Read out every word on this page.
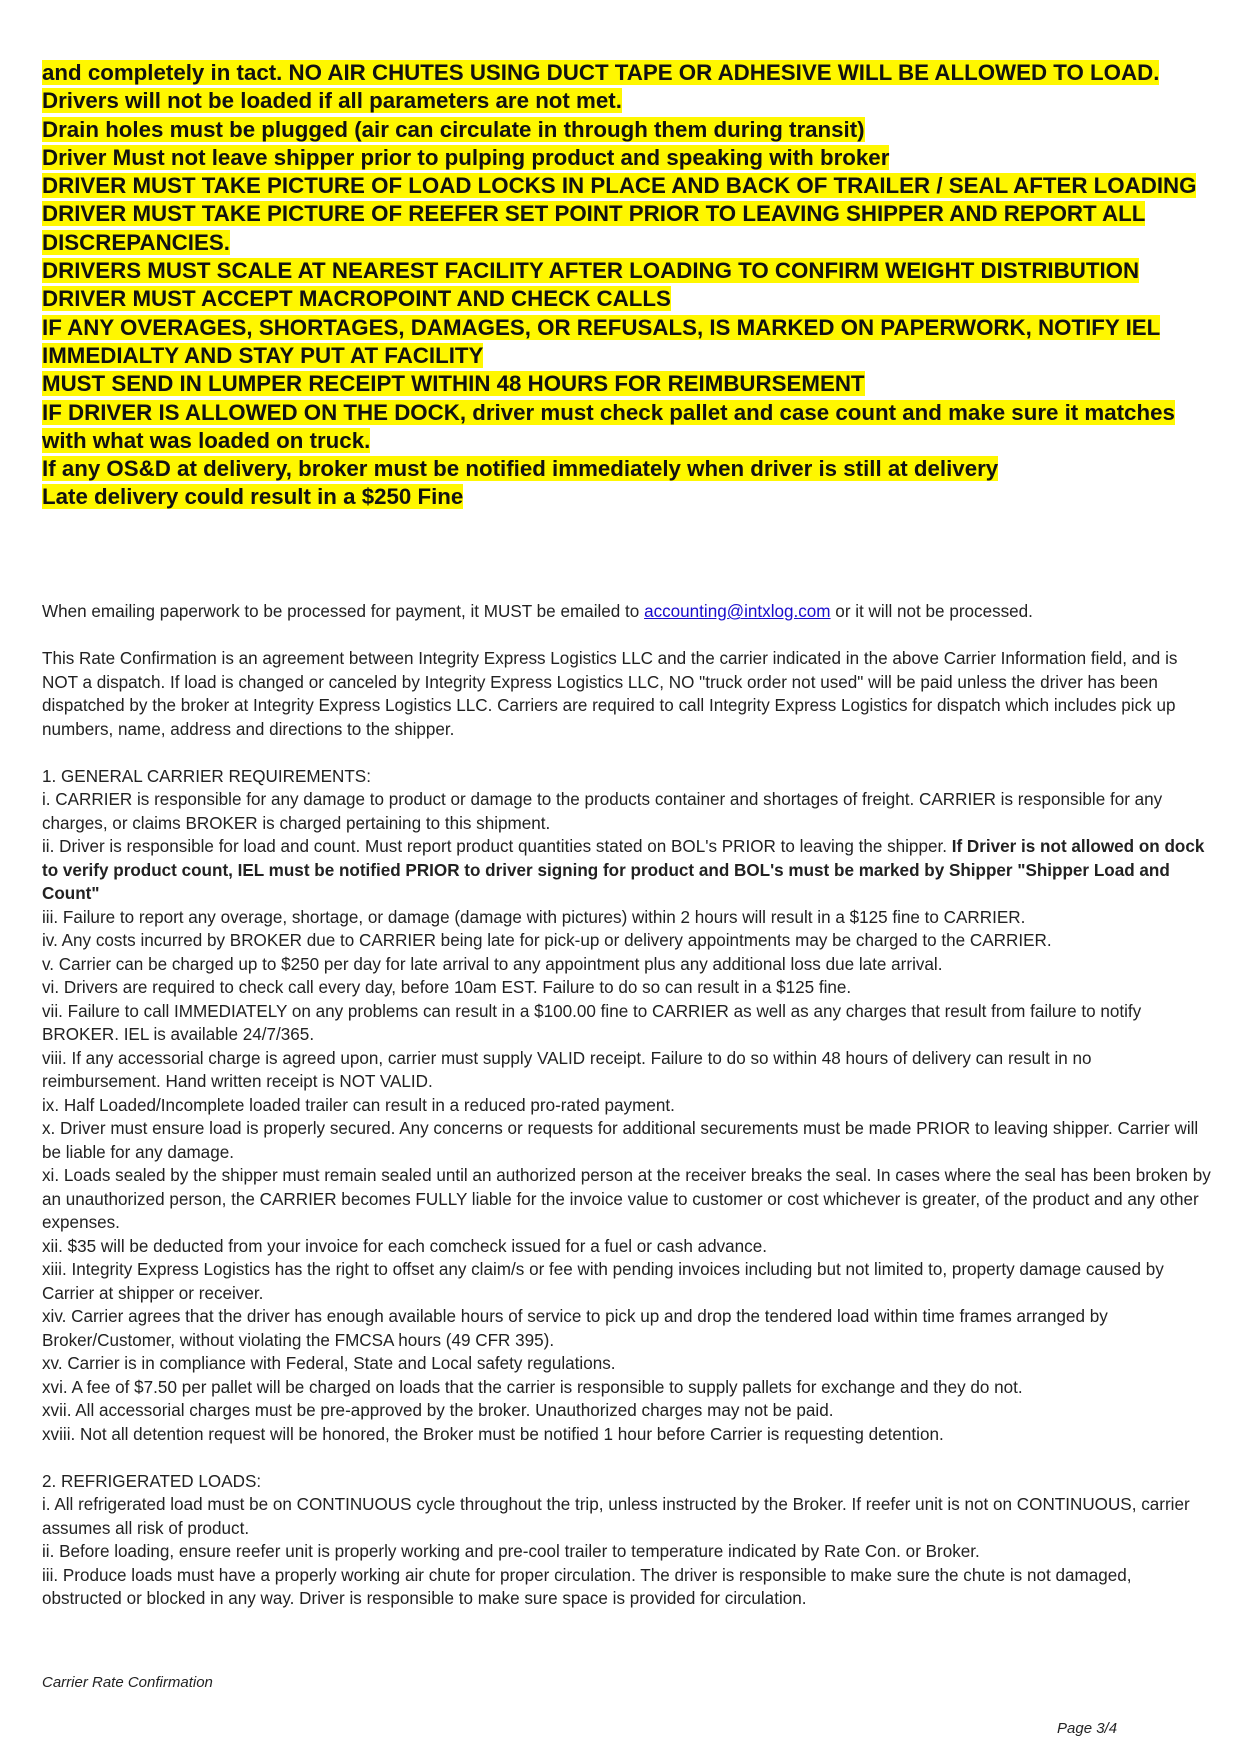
and completely in tact. NO AIR CHUTES USING DUCT TAPE OR ADHESIVE WILL BE ALLOWED TO LOAD.

Drivers will not be loaded if all parameters are not met.

Drain holes must be plugged (air can circulate in through them during transit)

Driver Must not leave shipper prior to pulping product and speaking with broker

DRIVER MUST TAKE PICTURE OF LOAD LOCKS IN PLACE AND BACK OF TRAILER / SEAL AFTER LOADING

DRIVER MUST TAKE PICTURE OF REEFER SET POINT PRIOR TO LEAVING SHIPPER AND REPORT ALL DISCREPANCIES.

DRIVERS MUST SCALE AT NEAREST FACILITY AFTER LOADING TO CONFIRM WEIGHT DISTRIBUTION

DRIVER MUST ACCEPT MACROPOINT AND CHECK CALLS

IF ANY OVERAGES, SHORTAGES, DAMAGES, OR REFUSALS, IS MARKED ON PAPERWORK, NOTIFY IEL IMMEDIALTY AND STAY PUT AT FACILITY

MUST SEND IN LUMPER RECEIPT WITHIN 48 HOURS FOR REIMBURSEMENT

IF DRIVER IS ALLOWED ON THE DOCK, driver must check pallet and case count and make sure it matches with what was loaded on truck.

If any OS&D at delivery, broker must be notified immediately when driver is still at delivery

Late delivery could result in a $250 Fine

When emailing paperwork to be processed for payment, it MUST be emailed to accounting@intxlog.com or it will not be processed.

This Rate Confirmation is an agreement between Integrity Express Logistics LLC and the carrier indicated in the above Carrier Information field, and is NOT a dispatch. If load is changed or canceled by Integrity Express Logistics LLC, NO "truck order not used" will be paid unless the driver has been dispatched by the broker at Integrity Express Logistics LLC. Carriers are required to call Integrity Express Logistics for dispatch which includes pick up numbers, name, address and directions to the shipper.

1. GENERAL CARRIER REQUIREMENTS:

i. CARRIER is responsible for any damage to product or damage to the products container and shortages of freight. CARRIER is responsible for any charges, or claims BROKER is charged pertaining to this shipment.

ii. Driver is responsible for load and count. Must report product quantities stated on BOL's PRIOR to leaving the shipper. If Driver is not allowed on dock to verify product count, IEL must be notified PRIOR to driver signing for product and BOL's must be marked by Shipper "Shipper Load and Count"

iii. Failure to report any overage, shortage, or damage (damage with pictures) within 2 hours will result in a $125 fine to CARRIER.

iv. Any costs incurred by BROKER due to CARRIER being late for pick-up or delivery appointments may be charged to the CARRIER.

v. Carrier can be charged up to $250 per day for late arrival to any appointment plus any additional loss due late arrival.

vi. Drivers are required to check call every day, before 10am EST. Failure to do so can result in a $125 fine.

vii. Failure to call IMMEDIATELY on any problems can result in a $100.00 fine to CARRIER as well as any charges that result from failure to notify BROKER. IEL is available 24/7/365.

viii. If any accessorial charge is agreed upon, carrier must supply VALID receipt. Failure to do so within 48 hours of delivery can result in no reimbursement. Hand written receipt is NOT VALID.

ix. Half Loaded/Incomplete loaded trailer can result in a reduced pro-rated payment.

x. Driver must ensure load is properly secured. Any concerns or requests for additional securements must be made PRIOR to leaving shipper. Carrier will be liable for any damage.

xi. Loads sealed by the shipper must remain sealed until an authorized person at the receiver breaks the seal. In cases where the seal has been broken by an unauthorized person, the CARRIER becomes FULLY liable for the invoice value to customer or cost whichever is greater, of the product and any other expenses.

xii. $35 will be deducted from your invoice for each comcheck issued for a fuel or cash advance.

xiii. Integrity Express Logistics has the right to offset any claim/s or fee with pending invoices including but not limited to, property damage caused by Carrier at shipper or receiver.

xiv. Carrier agrees that the driver has enough available hours of service to pick up and drop the tendered load within time frames arranged by Broker/Customer, without violating the FMCSA hours (49 CFR 395).

xv. Carrier is in compliance with Federal, State and Local safety regulations.

xvi. A fee of $7.50 per pallet will be charged on loads that the carrier is responsible to supply pallets for exchange and they do not.

xvii. All accessorial charges must be pre-approved by the broker. Unauthorized charges may not be paid.

xviii. Not all detention request will be honored, the Broker must be notified 1 hour before Carrier is requesting detention.

2. REFRIGERATED LOADS:

i. All refrigerated load must be on CONTINUOUS cycle throughout the trip, unless instructed by the Broker. If reefer unit is not on CONTINUOUS, carrier assumes all risk of product.

ii. Before loading, ensure reefer unit is properly working and pre-cool trailer to temperature indicated by Rate Con. or Broker.

iii. Produce loads must have a properly working air chute for proper circulation. The driver is responsible to make sure the chute is not damaged, obstructed or blocked in any way. Driver is responsible to make sure space is provided for circulation.

Carrier Rate Confirmation
Page 3/4
